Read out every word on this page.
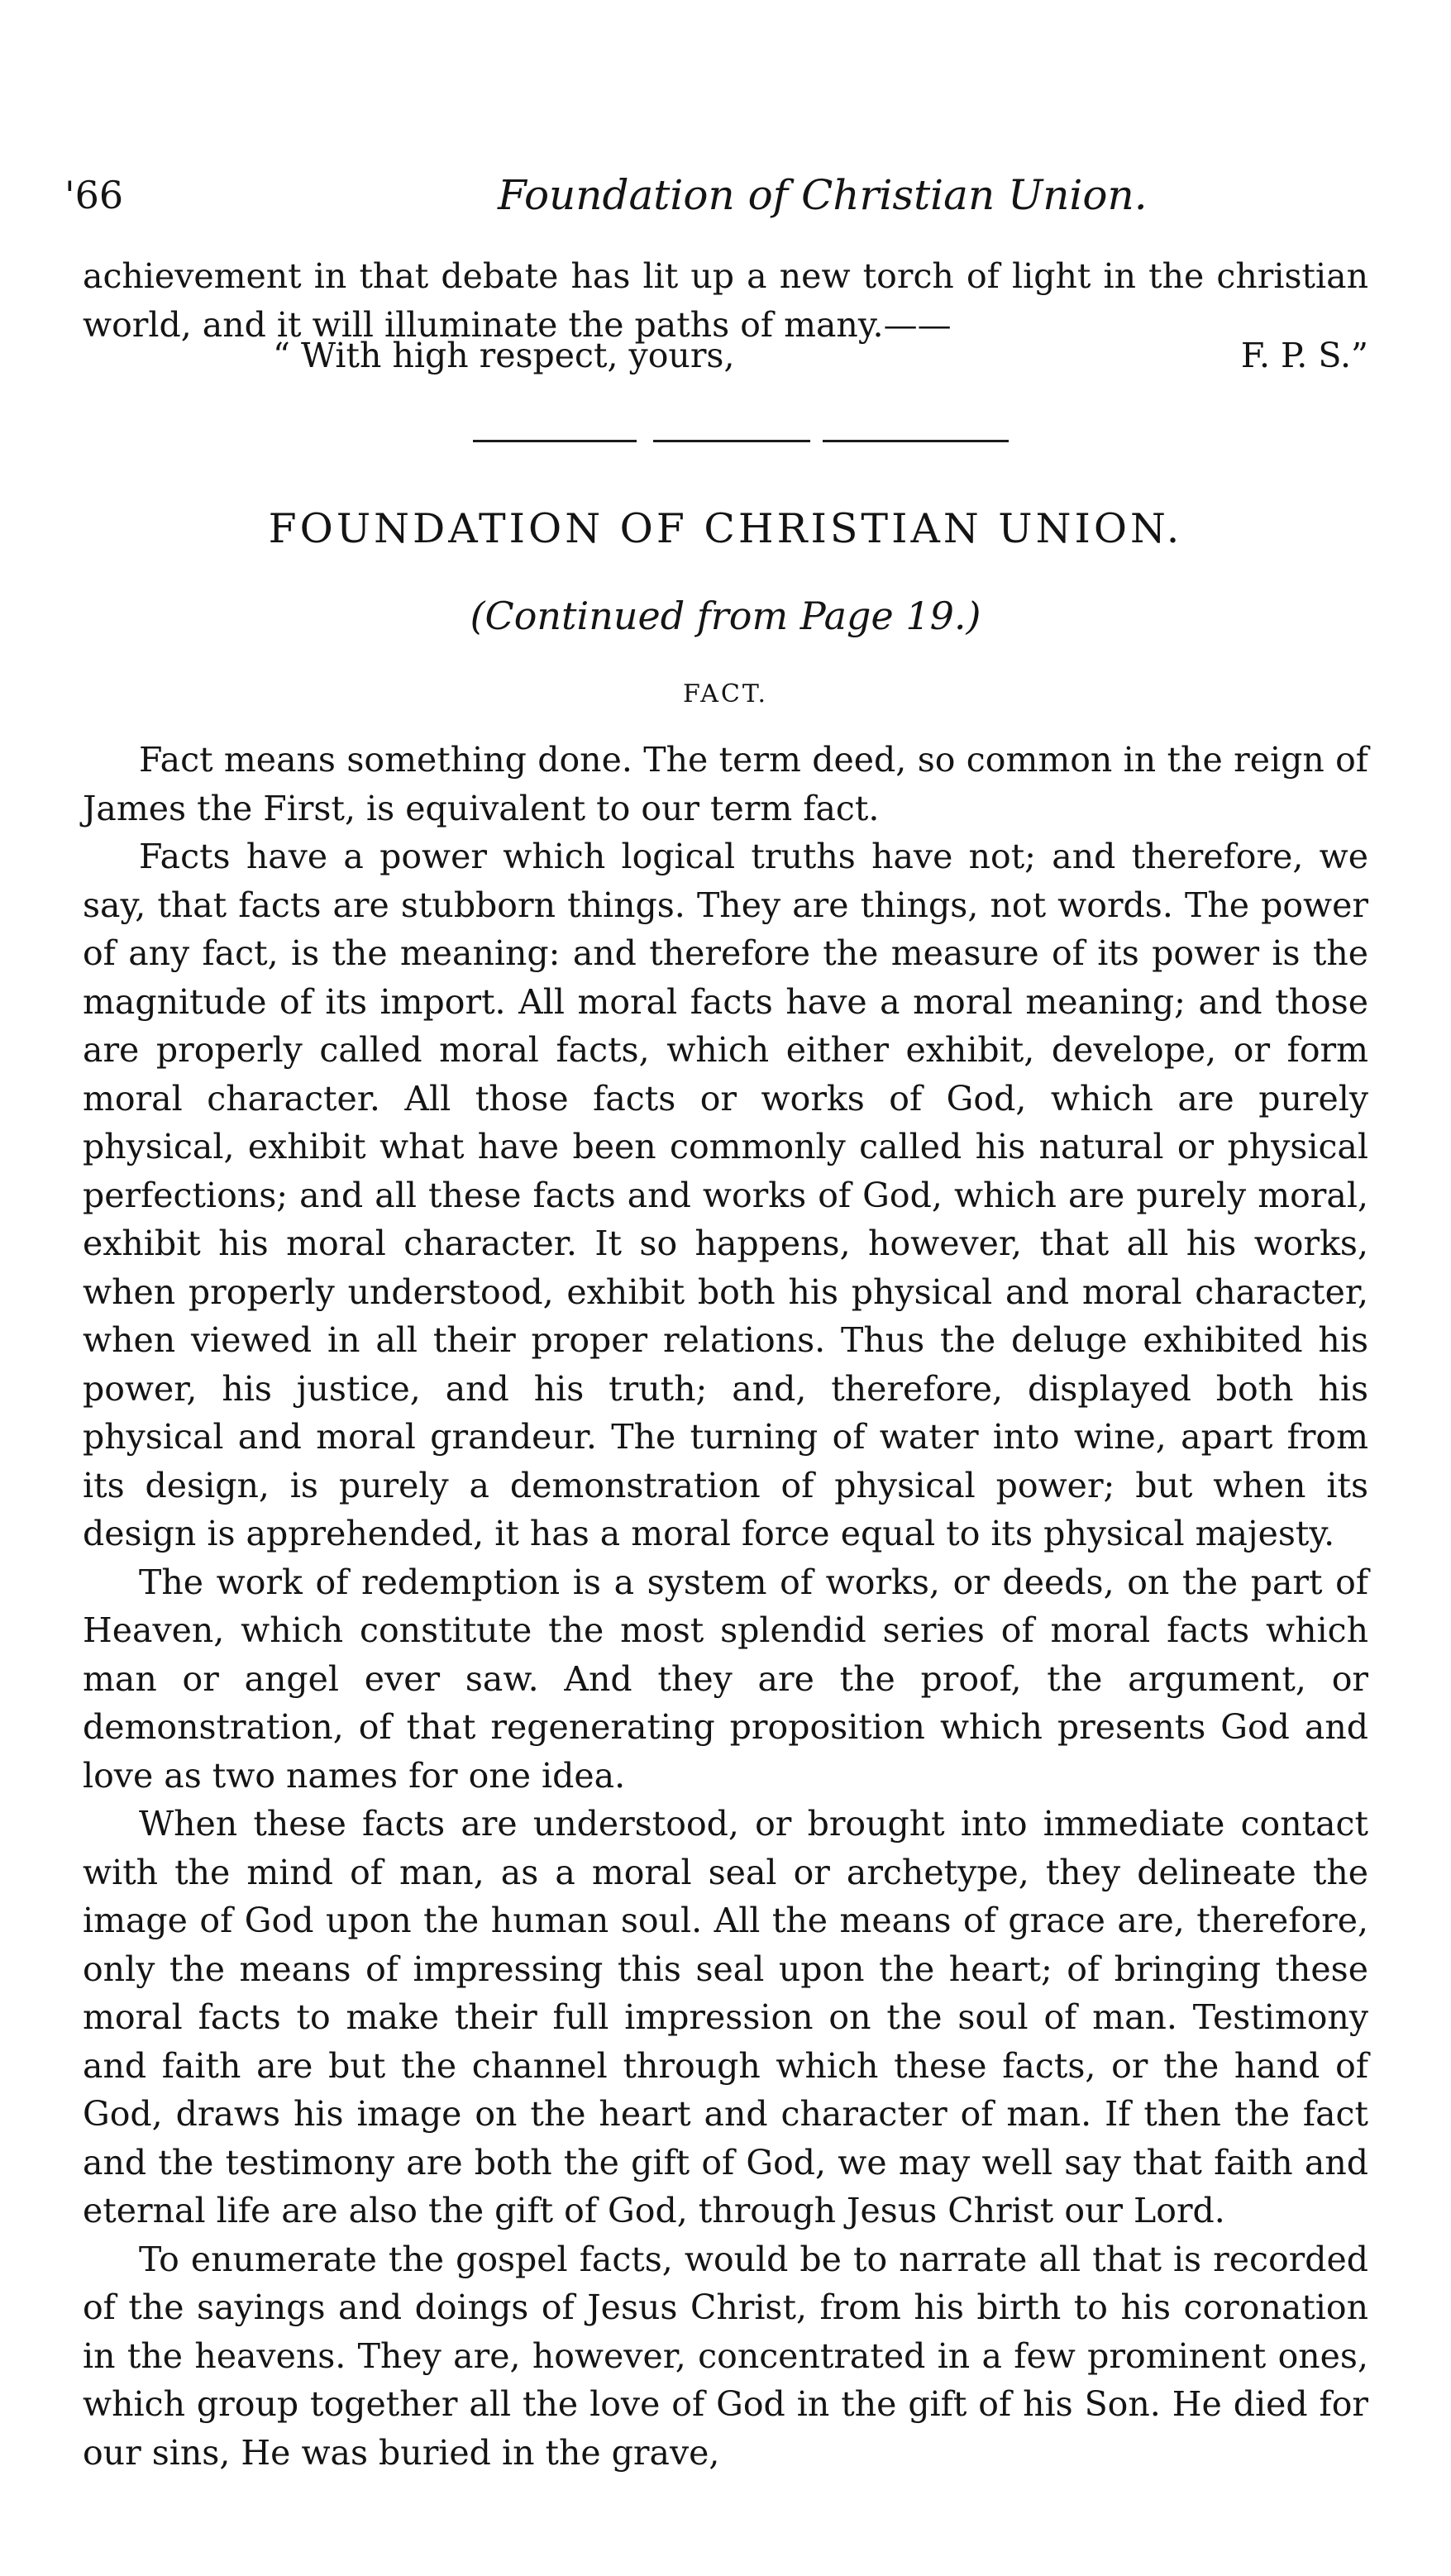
'66	Foundation of Christian Union.

achievement in that debate has lit up a new torch of light in the christian world, and it will illuminate the paths of many.——

“ With high respect, yours,	F. P. S.”
FOUNDATION OF CHRISTIAN UNION.
(Continued from Page 19.)
FACT.

Fact means something done. The term deed, so common in the reign of James the First, is equivalent to our term fact.

Facts have a power which logical truths have not; and therefore, we say, that facts are stubborn things. They are things, not words. The power of any fact, is the meaning: and therefore the measure of its power is the magnitude of its import. All moral facts have a moral meaning; and those are properly called moral facts, which either exhibit, develope, or form moral character. All those facts or works of God, which are purely physical, exhibit what have been commonly called his natural or physical perfections; and all these facts and works of God, which are purely moral, exhibit his moral character. It so happens, however, that all his works, when properly understood, exhibit both his physical and moral character, when viewed in all their proper relations. Thus the deluge exhibited his power, his justice, and his truth; and, therefore, displayed both his physical and moral grandeur. The turning of water into wine, apart from its design, is purely a demonstration of physical power; but when its design is apprehended, it has a moral force equal to its physical majesty.

The work of redemption is a system of works, or deeds, on the part of Heaven, which constitute the most splendid series of moral facts which man or angel ever saw. And they are the proof, the argument, or demonstration, of that regenerating proposition which presents God and love as two names for one idea.

When these facts are understood, or brought into immediate contact with the mind of man, as a moral seal or archetype, they delineate the image of God upon the human soul. All the means of grace are, therefore, only the means of impressing this seal upon the heart; of bringing these moral facts to make their full impression on the soul of man. Testimony and faith are but the channel through which these facts, or the hand of God, draws his image on the heart and character of man. If then the fact and the testimony are both the gift of God, we may well say that faith and eternal life are also the gift of God, through Jesus Christ our Lord.

To enumerate the gospel facts, would be to narrate all that is recorded of the sayings and doings of Jesus Christ, from his birth to his coronation in the heavens. They are, however, concentrated in a few prominent ones, which group together all the love of God in the gift of his Son. He died for our sins, He was buried in the grave,
